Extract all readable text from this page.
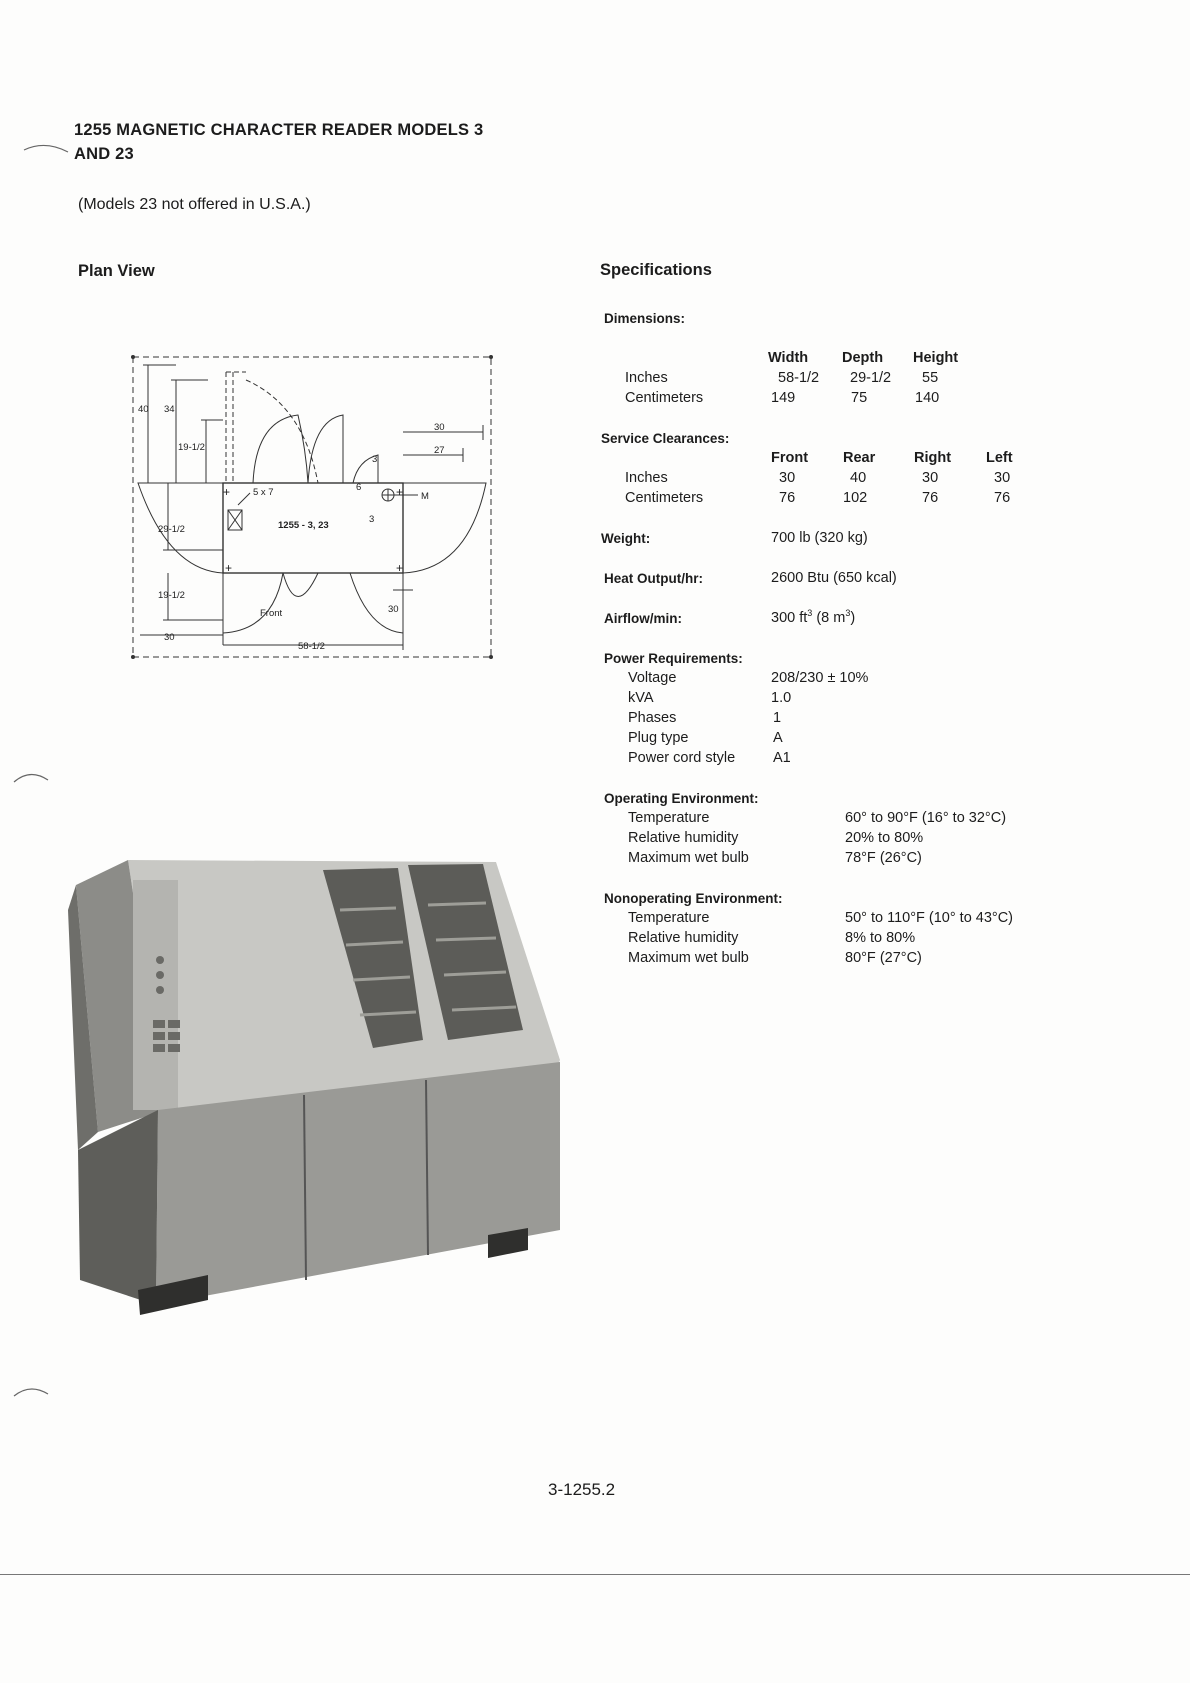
1255 MAGNETIC CHARACTER READER MODELS 3
AND 23
(Models 23 not offered in U.S.A.)
Plan View
40 34
19-1/2
29-1/2
19-1/2
30
58-1/2
30
27
30
3
6
3
M
5 x 7
1255 - 3, 23
Front
+	+
+	+
Specifications
Dimensions:
Width Depth Height
Inches	58-1/2 29-1/2 55
Centimeters	149	75	140
Service Clearances:
Front Rear	Right Left
Inches	30	40	30	30
Centimeters	76	102	76	76
Weight:	700 lb (320 kg)
Heat Output/hr:	2600 Btu (650 kcal)
Airflow/min:	300 $ft^3$ (8 $m^3$)
Power Requirements:
Voltage	208/230 ± 10%
kVA	1.0
Phases	1
Plug type	A
Power cord style	A1
Operating Environment:
Temperature	60° to 90°F (16° to 32°C)
Relative humidity	20% to 80%
Maximum wet bulb	78°F (26°C)
Nonoperating Environment:
Temperature	50° to 110°F (10° to 43°C)
Relative humidity	8% to 80%
Maximum wet bulb	80°F (27°C)
3-1255.2
